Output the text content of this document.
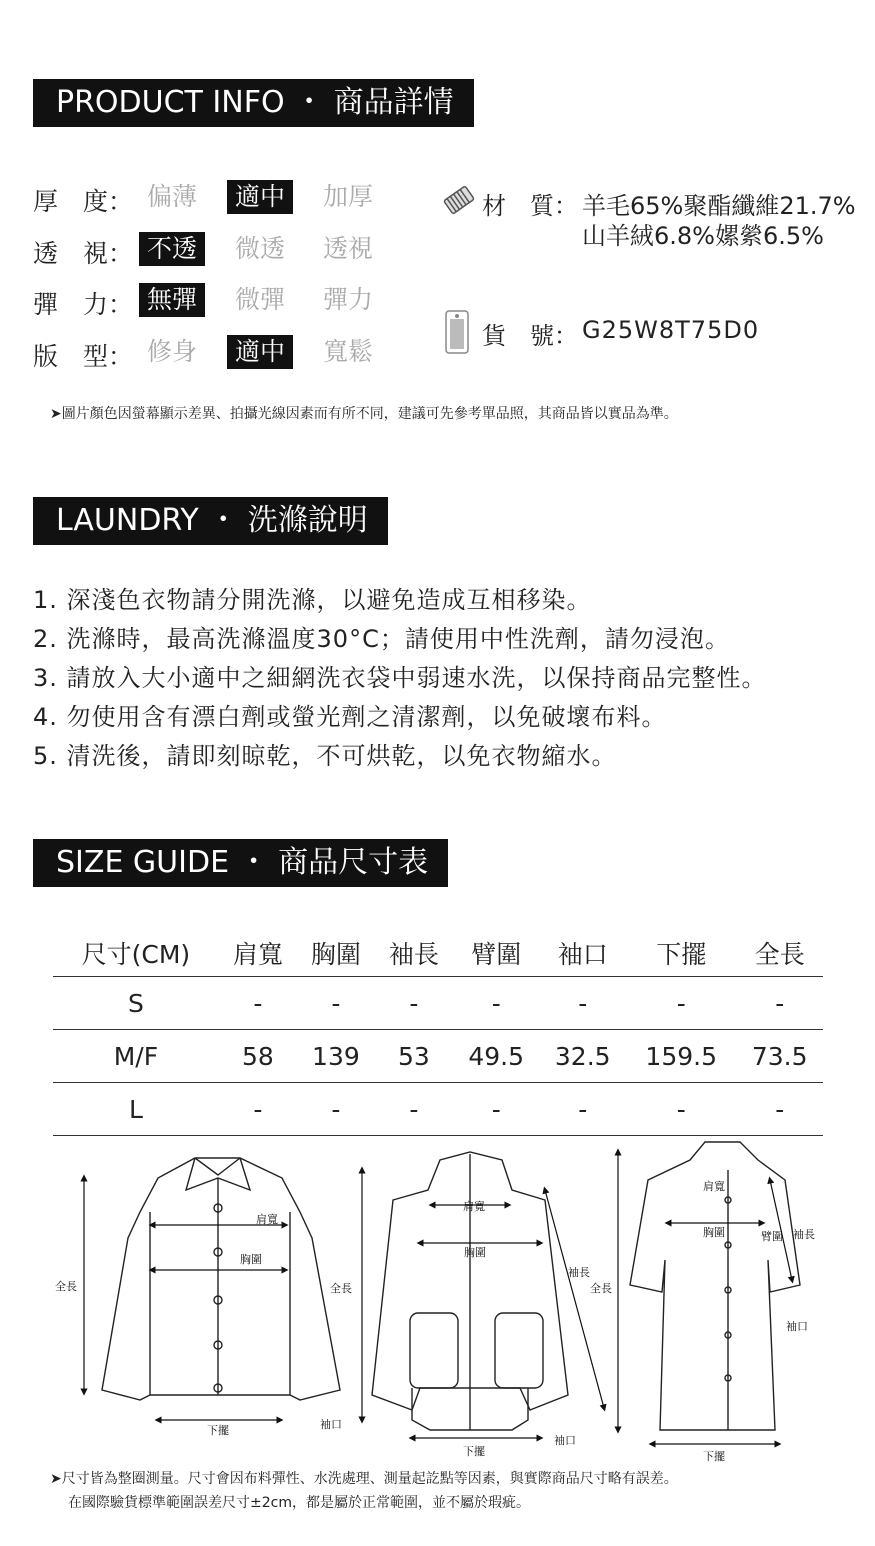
PRODUCT INFO ・ 商品詳情
厚　度： 偏薄	適中	加厚
透　視： 不透	微透	透視
彈　力： 無彈	微彈	彈力
版　型： 修身	適中	寬鬆
材　質： 羊毛65%聚酯纖維21.7%
山羊絨6.8%嫘縈6.5%
貨　號： G25W8T75D0
➤圖片顏色因螢幕顯示差異、拍攝光線因素而有所不同，建議可先參考單品照，其商品皆以實品為準。
LAUNDRY ・ 洗滌說明
1. 深淺色衣物請分開洗滌，以避免造成互相移染。
2. 洗滌時，最高洗滌溫度30°C；請使用中性洗劑，請勿浸泡。
3. 請放入大小適中之細網洗衣袋中弱速水洗，以保持商品完整性。
4. 勿使用含有漂白劑或螢光劑之清潔劑，以免破壞布料。
5. 清洗後，請即刻晾乾，不可烘乾，以免衣物縮水。
SIZE GUIDE ・ 商品尺寸表
尺寸(CM)	肩寬	胸圍	袖長	臂圍	袖口	下擺	全長
S	-	-	-	-	-	-	-
M/F	58	139	53	49.5	32.5	159.5	73.5
L	-	-	-	-	-	-	-
全長
肩寬
胸圍
下擺	袖口
全長
肩寬
胸圍
袖長
下擺
袖口
全長
肩寬
胸圍	臂圍 袖長
袖口
下擺
➤尺寸皆為整圈測量。尺寸會因布料彈性、水洗處理、測量起訖點等因素，與實際商品尺寸略有誤差。
在國際驗貨標準範圍誤差尺寸±2cm，都是屬於正常範圍，並不屬於瑕疵。
